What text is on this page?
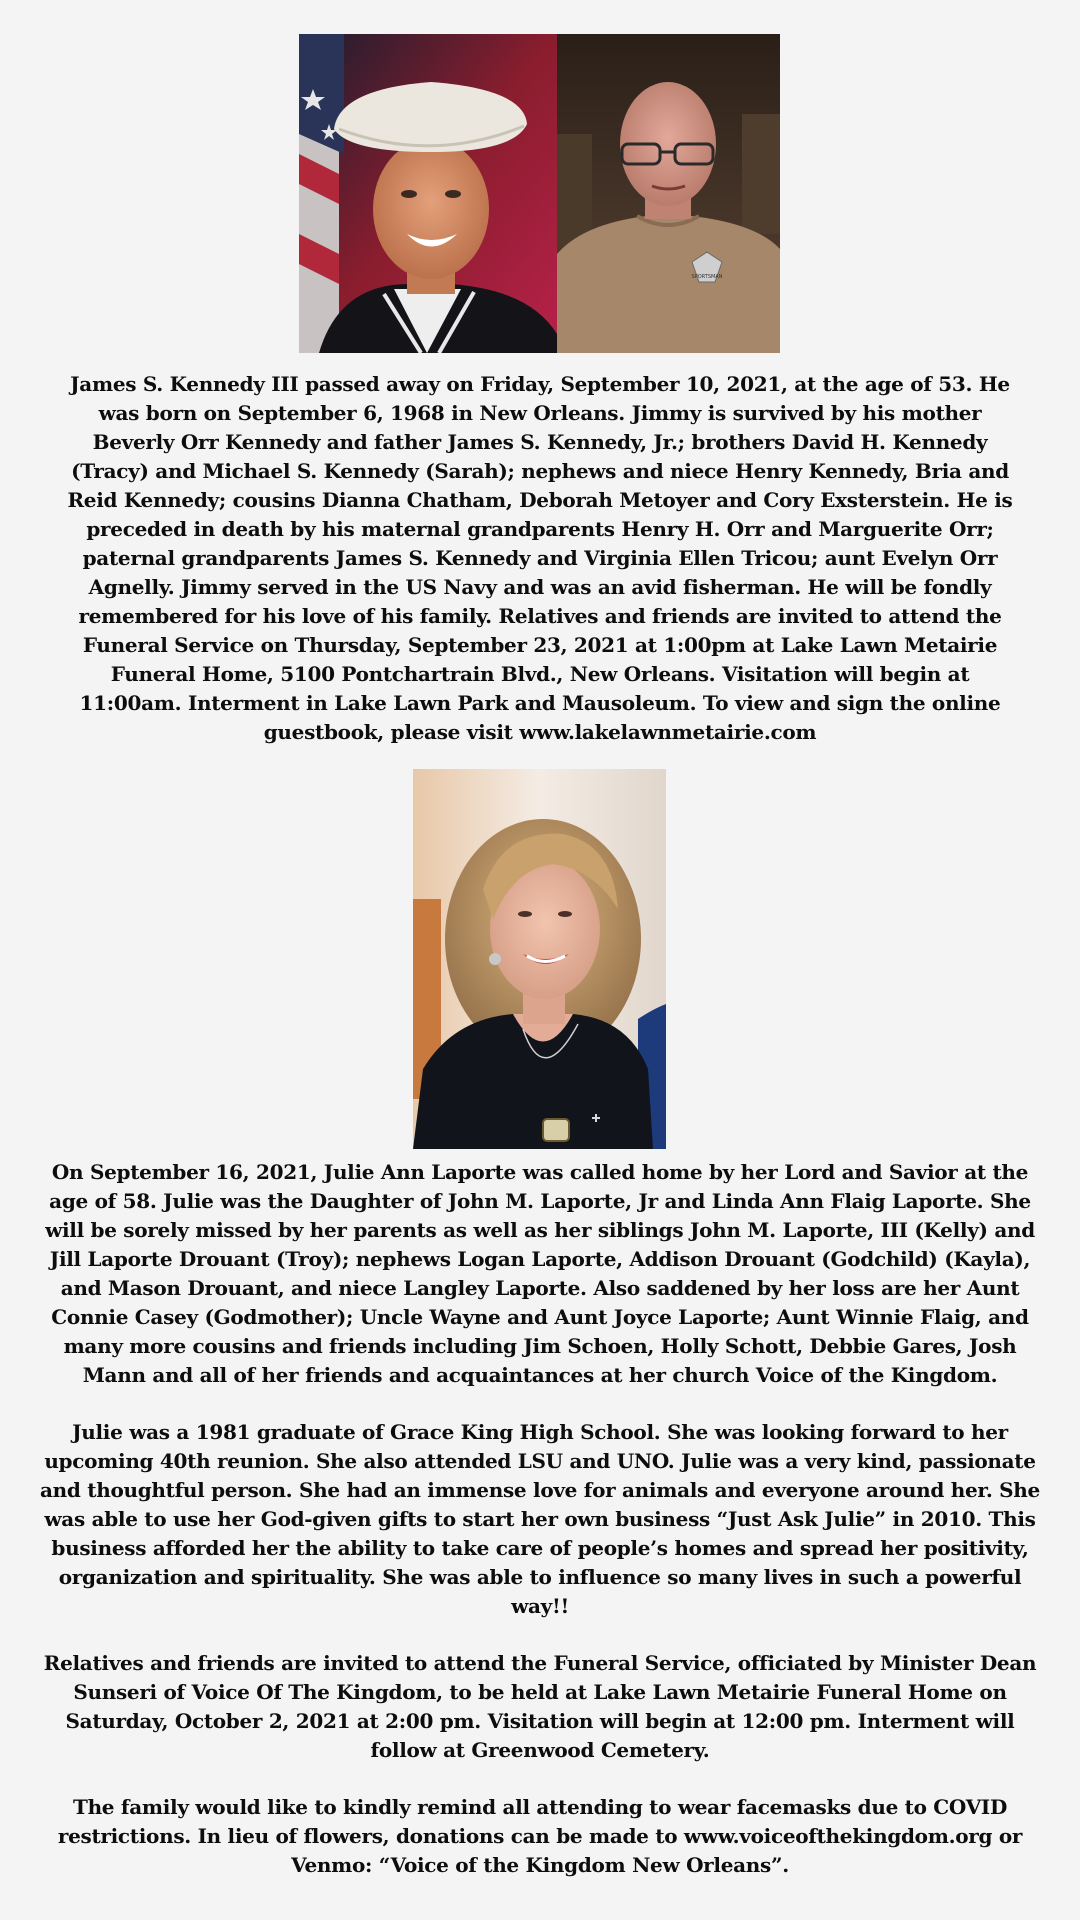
SPORTSMAN

James S. Kennedy III passed away on Friday, September 10, 2021, at the age of 53. He was born on September 6, 1968 in New Orleans. Jimmy is survived by his mother Beverly Orr Kennedy and father James S. Kennedy, Jr.; brothers David H. Kennedy (Tracy) and Michael S. Kennedy (Sarah); nephews and niece Henry Kennedy, Bria and Reid Kennedy; cousins Dianna Chatham, Deborah Metoyer and Cory Exsterstein. He is preceded in death by his maternal grandparents Henry H. Orr and Marguerite Orr; paternal grandparents James S. Kennedy and Virginia Ellen Tricou; aunt Evelyn Orr Agnelly. Jimmy served in the US Navy and was an avid fisherman. He will be fondly remembered for his love of his family. Relatives and friends are invited to attend the Funeral Service on Thursday, September 23, 2021 at 1:00pm at Lake Lawn Metairie Funeral Home, 5100 Pontchartrain Blvd., New Orleans. Visitation will begin at 11:00am. Interment in Lake Lawn Park and Mausoleum. To view and sign the online guestbook, please visit www.lakelawnmetairie.com

On September 16, 2021, Julie Ann Laporte was called home by her Lord and Savior at the age of 58. Julie was the Daughter of John M. Laporte, Jr and Linda Ann Flaig Laporte. She will be sorely missed by her parents as well as her siblings John M. Laporte, III (Kelly) and Jill Laporte Drouant (Troy); nephews Logan Laporte, Addison Drouant (Godchild) (Kayla), and Mason Drouant, and niece Langley Laporte. Also saddened by her loss are her Aunt Connie Casey (Godmother); Uncle Wayne and Aunt Joyce Laporte; Aunt Winnie Flaig, and many more cousins and friends including Jim Schoen, Holly Schott, Debbie Gares, Josh Mann and all of her friends and acquaintances at her church Voice of the Kingdom.

Julie was a 1981 graduate of Grace King High School. She was looking forward to her upcoming 40th reunion. She also attended LSU and UNO. Julie was a very kind, passionate and thoughtful person. She had an immense love for animals and everyone around her. She was able to use her God-given gifts to start her own business “Just Ask Julie” in 2010. This business afforded her the ability to take care of people’s homes and spread her positivity, organization and spirituality. She was able to influence so many lives in such a powerful way!!

Relatives and friends are invited to attend the Funeral Service, officiated by Minister Dean Sunseri of Voice Of The Kingdom, to be held at Lake Lawn Metairie Funeral Home on Saturday, October 2, 2021 at 2:00 pm. Visitation will begin at 12:00 pm. Interment will follow at Greenwood Cemetery.

The family would like to kindly remind all attending to wear facemasks due to COVID restrictions. In lieu of flowers, donations can be made to www.voiceofthekingdom.org or Venmo: “Voice of the Kingdom New Orleans”.
